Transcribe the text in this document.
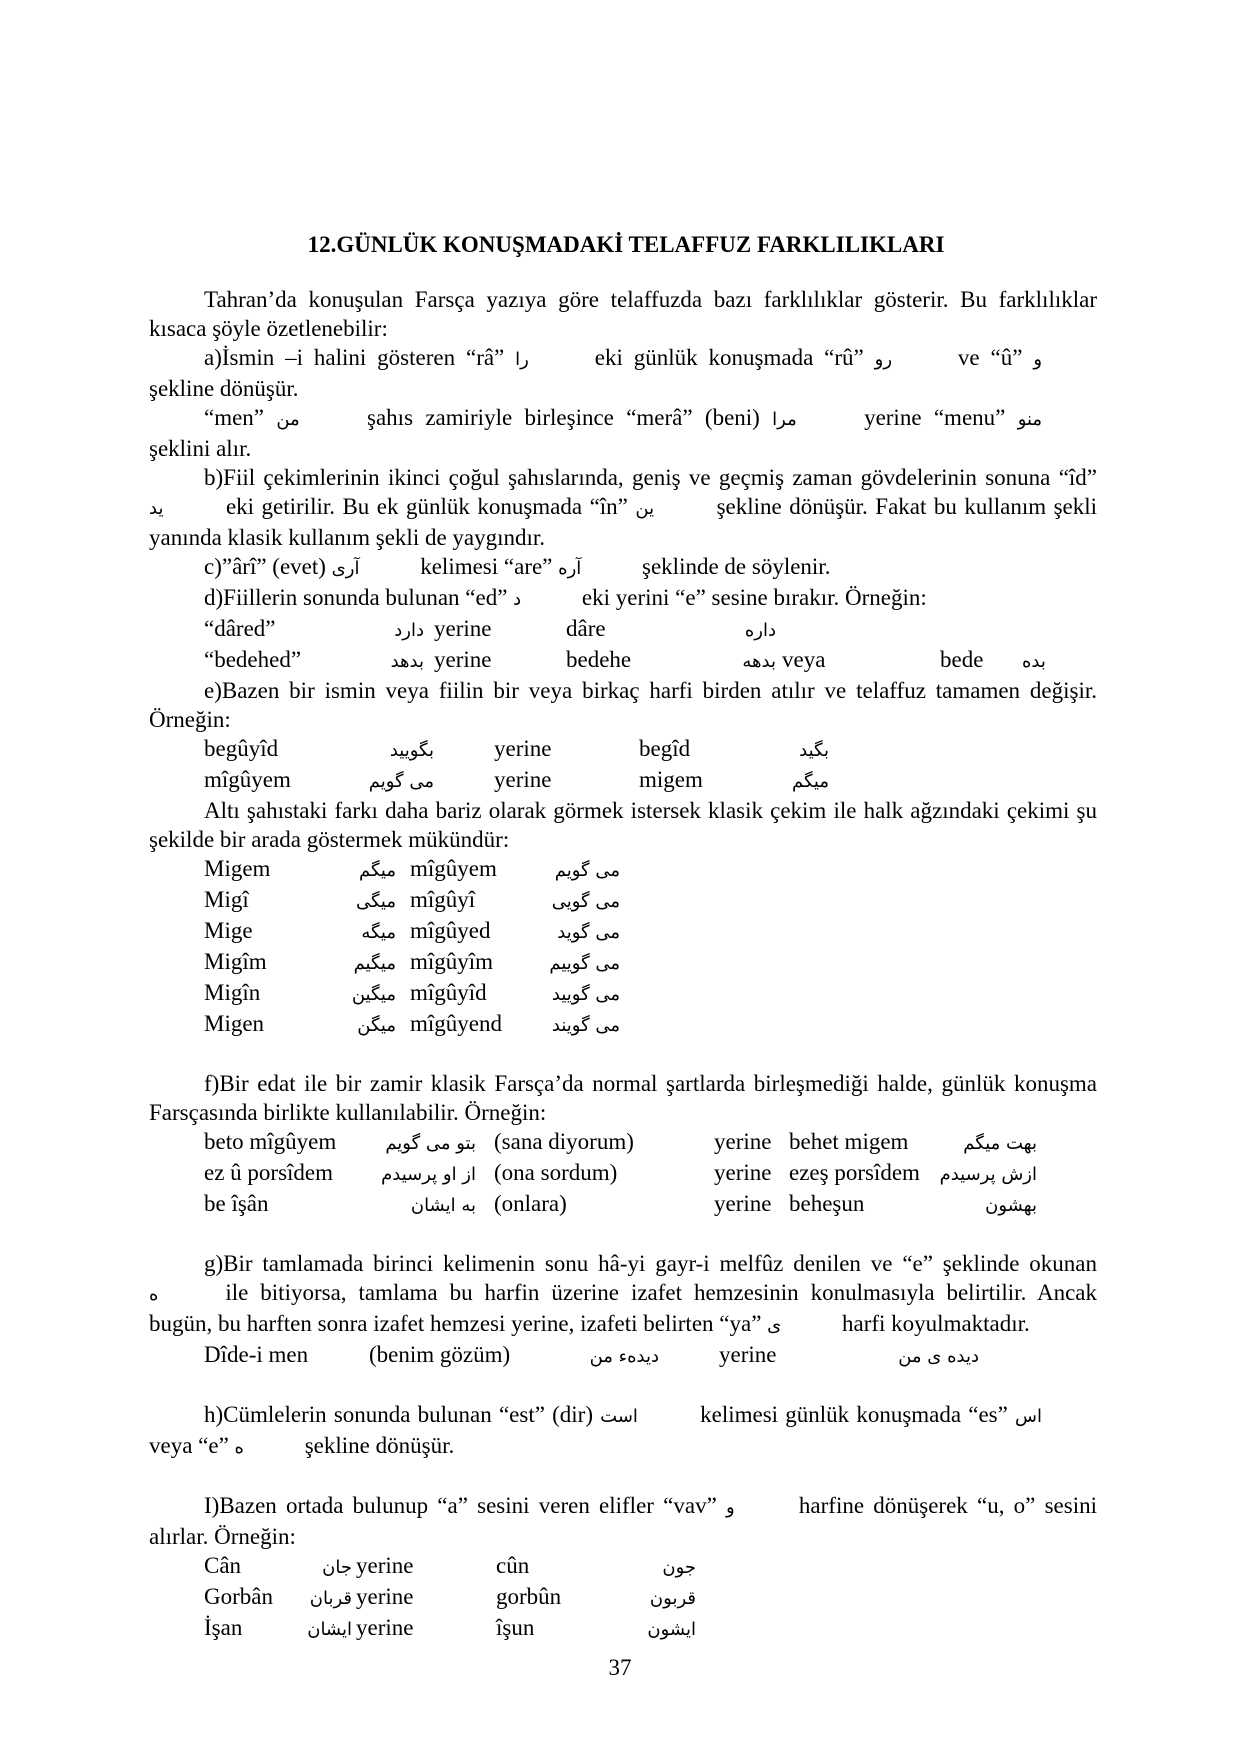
12.GÜNLÜK KONUŞMADAKİ TELAFFUZ FARKLILIKLARI

Tahran’da konuşulan Farsça yazıya göre telaffuzda bazı farklılıklar gösterir. Bu farklılıklar kısaca şöyle özetlenebilir:

a)İsmin –i halini gösteren “râ” را	eki günlük konuşmada “rû” رو	ve “û” و şekline dönüşür.

“men” من	şahıs zamiriyle birleşince “merâ” (beni) مرا	yerine “menu” منو şeklini alır.

b)Fiil çekimlerinin ikinci çoğul şahıslarında, geniş ve geçmiş zaman gövdelerinin sonuna “îd” يد	eki getirilir. Bu ek günlük konuşmada “în” ين	şekline dönüşür. Fakat bu kullanım şekli yanında klasik kullanım şekli de yaygındır.

c)”ârî” (evet) آری	kelimesi “are” آره	şeklinde de söylenir.

d)Fiillerin sonunda bulunan “ed” د	eki yerini “e” sesine bırakır. Örneğin:

“dâred”	دارد	yerine	dâre	داره			
“bedehed”	بدهد	yerine	bedehe	بدهه	veya	bede	بده

e)Bazen bir ismin veya fiilin bir veya birkaç harfi birden atılır ve telaffuz tamamen değişir. Örneğin:

begûyîd	بگوييد	yerine	begîd	بگيد
mîgûyem	می گويم	yerine	migem	ميگم

Altı şahıstaki farkı daha bariz olarak görmek istersek klasik çekim ile halk ağzındaki çekimi şu şekilde bir arada göstermek mükündür:

Migem	ميگم	mîgûyem	می گويم
Migî	ميگی	mîgûyî	می گويی
Mige	ميگه	mîgûyed	می گويد
Migîm	ميگيم	mîgûyîm	می گوييم
Migîn	ميگين	mîgûyîd	می گوييد
Migen	ميگن	mîgûyend	می گويند

f)Bir edat ile bir zamir klasik Farsça’da normal şartlarda birleşmediği halde, günlük konuşma Farsçasında birlikte kullanılabilir. Örneğin:

beto mîgûyem	بتو می گويم	(sana diyorum)	yerine	behet migem	بهت ميگم
ez û porsîdem	از او پرسيدم	(ona sordum)	yerine	ezeş porsîdem	ازش پرسيدم
be îşân	به ايشان	(onlara)	yerine	beheşun	بهشون

g)Bir tamlamada birinci kelimenin sonu hâ-yi gayr-i melfûz denilen ve “e” şeklinde okunan ه	ile bitiyorsa, tamlama bu harfin üzerine izafet hemzesinin konulmasıyla belirtilir. Ancak bugün, bu harften sonra izafet hemzesi yerine, izafeti belirten “ya” ی	harfi koyulmaktadır.

Dîde-i men	(benim gözüm)	ديدهء من	yerine	ديده ی من

h)Cümlelerin sonunda bulunan “est” (dir) است	kelimesi günlük konuşmada “es” اس veya “e” ه	şekline dönüşür.

I)Bazen ortada bulunup “a” sesini veren elifler “vav” و	harfine dönüşerek “u, o” sesini alırlar. Örneğin:

Cân	جان	yerine	cûn	جون
Gorbân	قربان	yerine	gorbûn	قربون
İşan	ايشان	yerine	îşun	ايشون
37
